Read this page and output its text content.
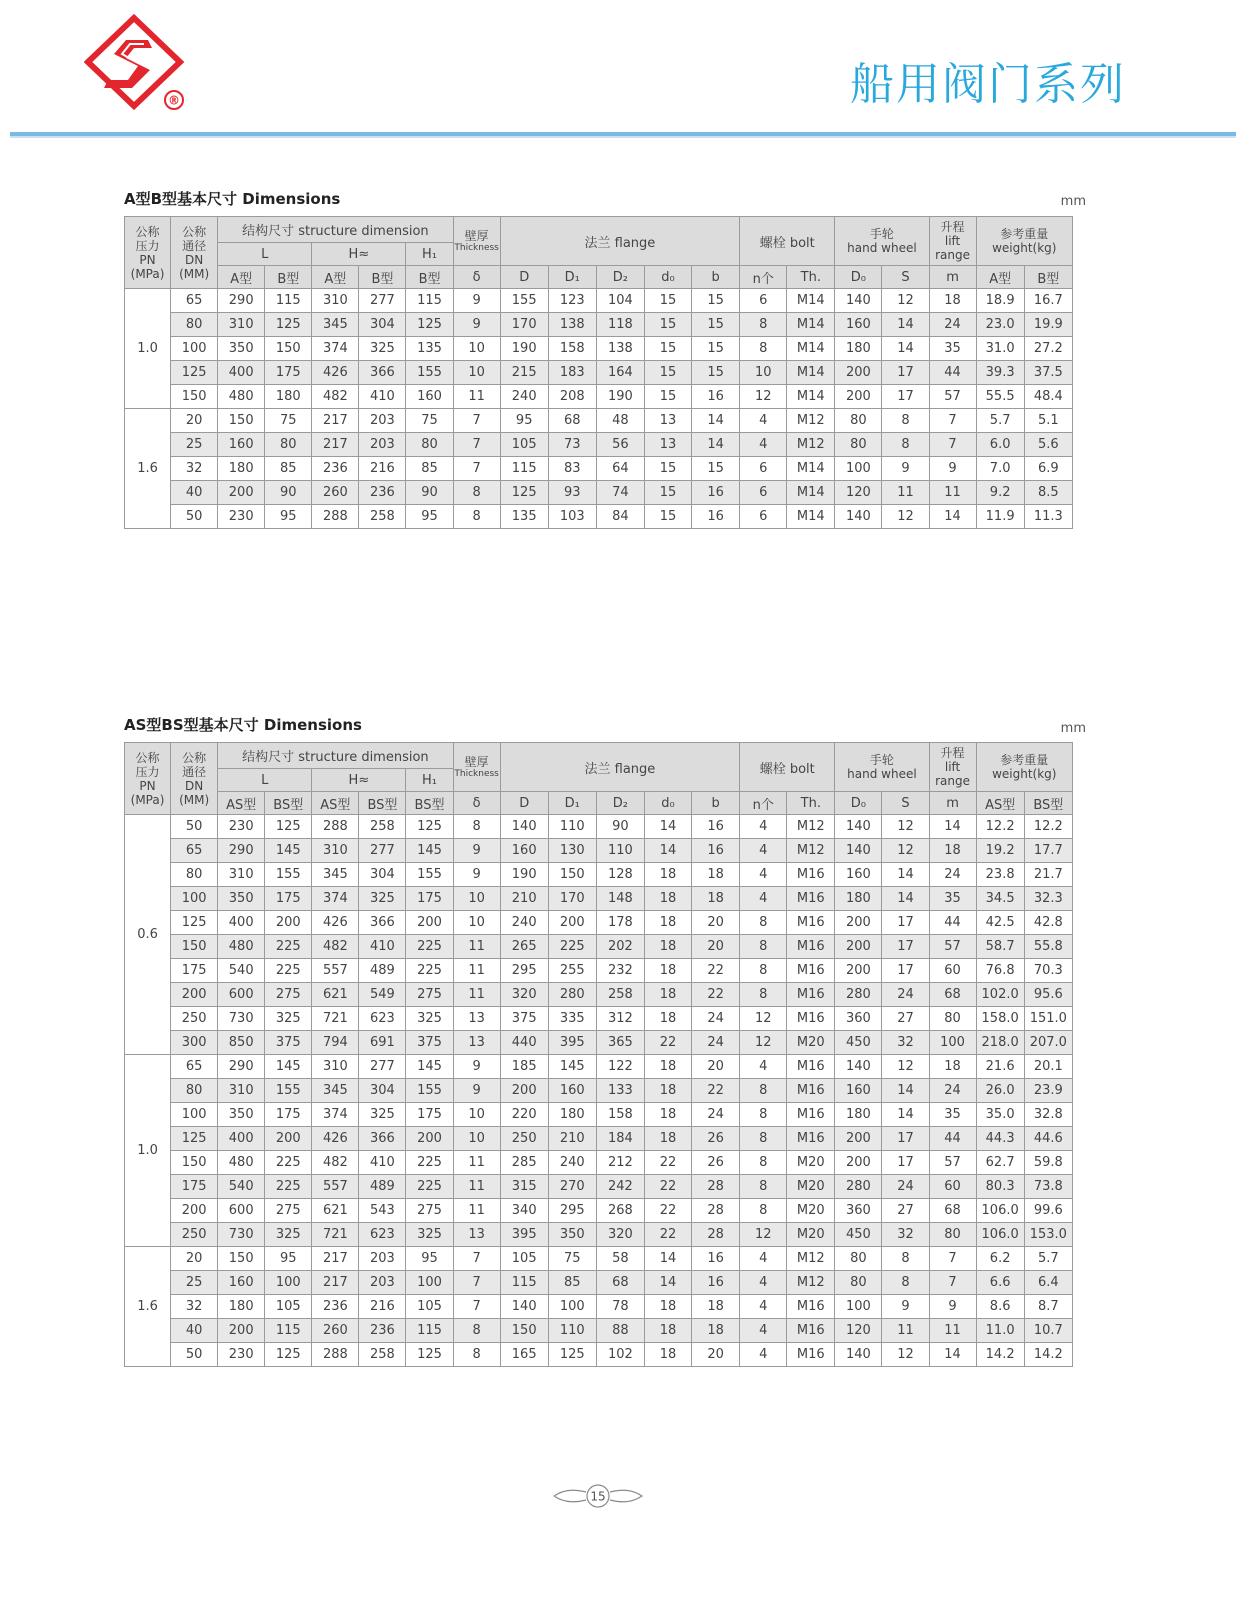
®	船用阀门系列
A型B型基本尺寸 Dimensions	mm
公称
压力
PN
(MPa)	公称
通径
DN
(MM)	结构尺寸 structure dimension					壁厚
Thickness	法兰 flange					螺栓 bolt		手轮
hand wheel		升程
lift
range	参考重量
weight(kg)	

		L		H≈		H₁													
		A型	B型	A型	B型	B型	δ	D	D₁	D₂	d₀	b	n个	Th.	D₀	S	m	A型	B型
1.0	65	290	115	310	277	115	9	155	123	104	15	15	6	M14	140	12	18	18.9	16.7
	80	310	125	345	304	125	9	170	138	118	15	15	8	M14	160	14	24	23.0	19.9
	100	350	150	374	325	135	10	190	158	138	15	15	8	M14	180	14	35	31.0	27.2
	125	400	175	426	366	155	10	215	183	164	15	15	10	M14	200	17	44	39.3	37.5
	150	480	180	482	410	160	11	240	208	190	15	16	12	M14	200	17	57	55.5	48.4
1.6	20	150	75	217	203	75	7	95	68	48	13	14	4	M12	80	8	7	5.7	5.1
	25	160	80	217	203	80	7	105	73	56	13	14	4	M12	80	8	7	6.0	5.6
	32	180	85	236	216	85	7	115	83	64	15	15	6	M14	100	9	9	7.0	6.9
	40	200	90	260	236	90	8	125	93	74	15	16	6	M14	120	11	11	9.2	8.5
	50	230	95	288	258	95	8	135	103	84	15	16	6	M14	140	12	14	11.9	11.3
AS型BS型基本尺寸 Dimensions	mm
公称
压力
PN
(MPa)	公称
通径
DN
(MM)	结构尺寸 structure dimension					壁厚
Thickness	法兰 flange					螺栓 bolt		手轮
hand wheel		升程
lift
range	参考重量
weight(kg)	

		L		H≈		H₁													
		AS型	BS型	AS型	BS型	BS型	δ	D	D₁	D₂	d₀	b	n个	Th.	D₀	S	m	AS型	BS型
0.6	50	230	125	288	258	125	8	140	110	90	14	16	4	M12	140	12	14	12.2	12.2
	65	290	145	310	277	145	9	160	130	110	14	16	4	M12	140	12	18	19.2	17.7
	80	310	155	345	304	155	9	190	150	128	18	18	4	M16	160	14	24	23.8	21.7
	100	350	175	374	325	175	10	210	170	148	18	18	4	M16	180	14	35	34.5	32.3
	125	400	200	426	366	200	10	240	200	178	18	20	8	M16	200	17	44	42.5	42.8
	150	480	225	482	410	225	11	265	225	202	18	20	8	M16	200	17	57	58.7	55.8
	175	540	225	557	489	225	11	295	255	232	18	22	8	M16	200	17	60	76.8	70.3
	200	600	275	621	549	275	11	320	280	258	18	22	8	M16	280	24	68	102.0	95.6
	250	730	325	721	623	325	13	375	335	312	18	24	12	M16	360	27	80	158.0	151.0
	300	850	375	794	691	375	13	440	395	365	22	24	12	M20	450	32	100	218.0	207.0
1.0	65	290	145	310	277	145	9	185	145	122	18	20	4	M16	140	12	18	21.6	20.1
	80	310	155	345	304	155	9	200	160	133	18	22	8	M16	160	14	24	26.0	23.9
	100	350	175	374	325	175	10	220	180	158	18	24	8	M16	180	14	35	35.0	32.8
	125	400	200	426	366	200	10	250	210	184	18	26	8	M16	200	17	44	44.3	44.6
	150	480	225	482	410	225	11	285	240	212	22	26	8	M20	200	17	57	62.7	59.8
	175	540	225	557	489	225	11	315	270	242	22	28	8	M20	280	24	60	80.3	73.8
	200	600	275	621	543	275	11	340	295	268	22	28	8	M20	360	27	68	106.0	99.6
	250	730	325	721	623	325	13	395	350	320	22	28	12	M20	450	32	80	106.0	153.0
1.6	20	150	95	217	203	95	7	105	75	58	14	16	4	M12	80	8	7	6.2	5.7
	25	160	100	217	203	100	7	115	85	68	14	16	4	M12	80	8	7	6.6	6.4
	32	180	105	236	216	105	7	140	100	78	18	18	4	M16	100	9	9	8.6	8.7
	40	200	115	260	236	115	8	150	110	88	18	18	4	M16	120	11	11	11.0	10.7
	50	230	125	288	258	125	8	165	125	102	18	20	4	M16	140	12	14	14.2	14.2
15
